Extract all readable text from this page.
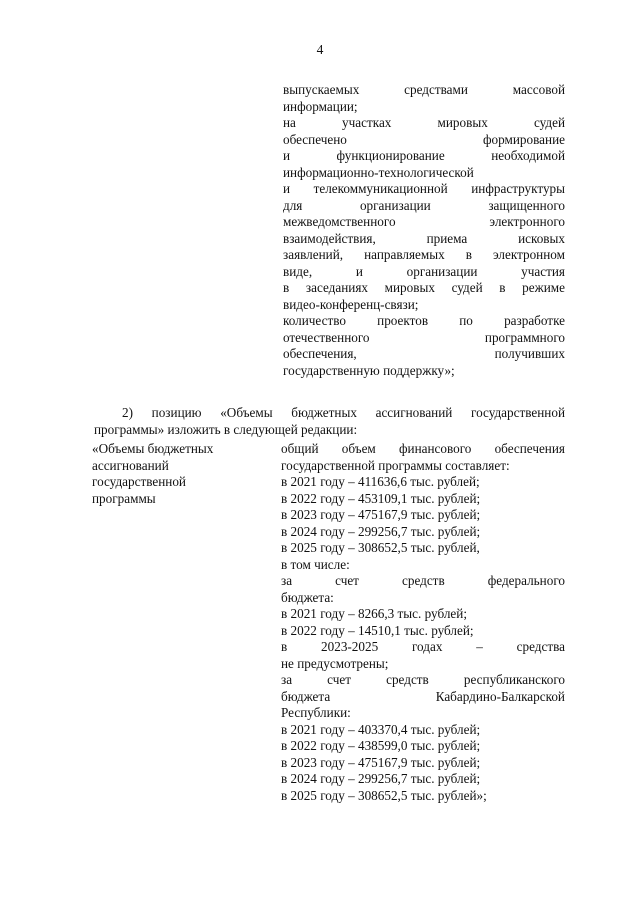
4

выпускаемых средствами массовой

информации;

на участках мировых судей

обеспечено формирование

и функционирование необходимой

информационно-технологической

и телекоммуникационной инфраструктуры

для организации защищенного

межведомственного электронного

взаимодействия, приема исковых

заявлений, направляемых в электронном

виде, и организации участия

в заседаниях мировых судей в режиме

видео-конференц-связи;

количество проектов по разработке

отечественного программного

обеспечения, получивших

государственную поддержку»;

2) позицию «Объемы бюджетных ассигнований государственной

программы» изложить в следующей редакции:

«Объемы бюджетных

ассигнований

государственной

программы

общий объем финансового обеспечения

государственной программы составляет:

в 2021 году – 411636,6 тыс. рублей;

в 2022 году – 453109,1 тыс. рублей;

в 2023 году – 475167,9 тыс. рублей;

в 2024 году – 299256,7 тыс. рублей;

в 2025 году – 308652,5 тыс. рублей,

в том числе:

за счет средств федерального

бюджета:

в 2021 году – 8266,3 тыс. рублей;

в 2022 году – 14510,1 тыс. рублей;

в 2023-2025 годах – средства

не предусмотрены;

за счет средств республиканского

бюджета Кабардино-Балкарской

Республики:

в 2021 году – 403370,4 тыс. рублей;

в 2022 году – 438599,0 тыс. рублей;

в 2023 году – 475167,9 тыс. рублей;

в 2024 году – 299256,7 тыс. рублей;

в 2025 году – 308652,5 тыс. рублей»;
